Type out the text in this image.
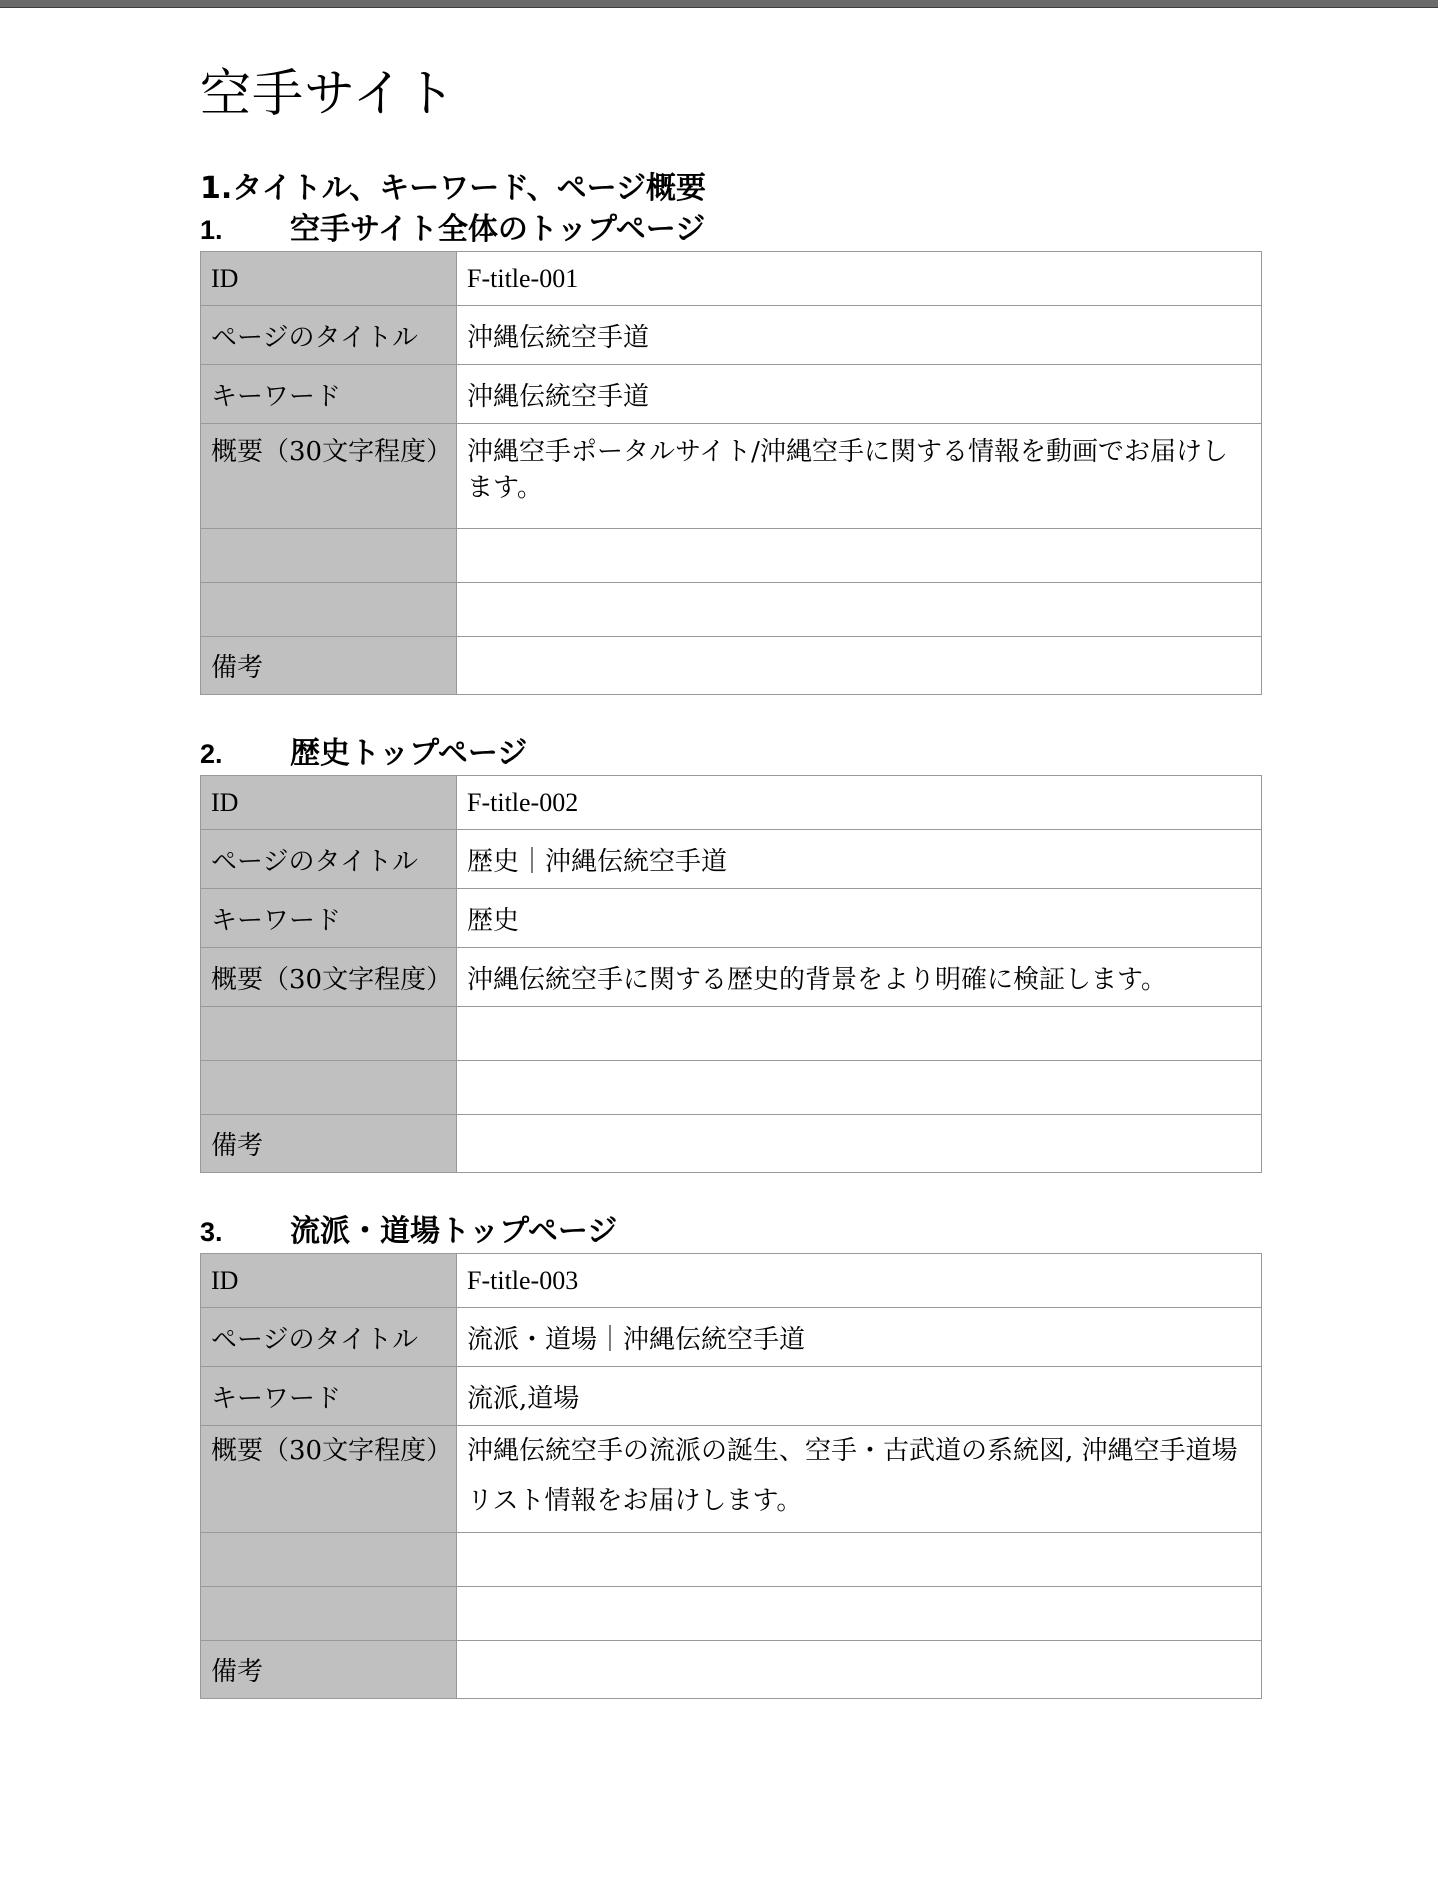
空手サイト
1.タイトル、キーワード、ページ概要
1.	空手サイト全体のトップページ
ID	F-title-001
ページのタイトル	沖縄伝統空手道
キーワード	沖縄伝統空手道
概要（30文字程度）	沖縄空手ポータルサイト/沖縄空手に関する情報を動画でお届けします。

備考	
2.	歴史トップページ
ID	F-title-002
ページのタイトル	歴史｜沖縄伝統空手道
キーワード	歴史
概要（30文字程度）	沖縄伝統空手に関する歴史的背景をより明確に検証します。

備考	
3.	流派・道場トップページ
ID	F-title-003
ページのタイトル	流派・道場｜沖縄伝統空手道
キーワード	流派,道場
概要（30文字程度）	沖縄伝統空手の流派の誕生、空手・古武道の系統図, 沖縄空手道場リスト情報をお届けします。

備考	
